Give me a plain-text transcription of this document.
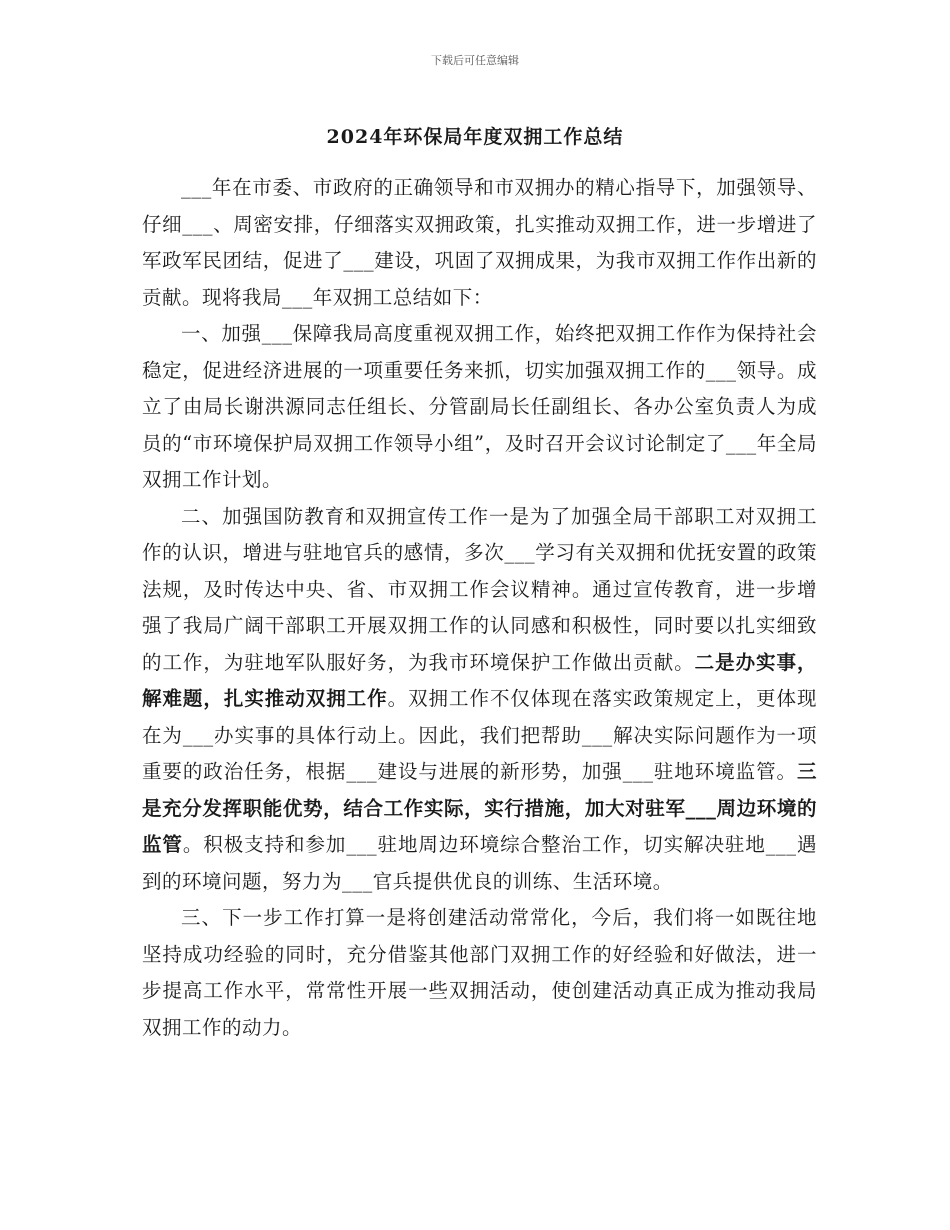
下载后可任意编辑
2024年环保局年度双拥工作总结

___年在市委、市政府的正确领导和市双拥办的精心指导下，加强领导、仔细___、周密安排，仔细落实双拥政策，扎实推动双拥工作，进一步增进了军政军民团结，促进了___建设，巩固了双拥成果，为我市双拥工作作出新的贡献。现将我局___年双拥工总结如下：

一、加强___保障我局高度重视双拥工作，始终把双拥工作作为保持社会稳定，促进经济进展的一项重要任务来抓，切实加强双拥工作的___领导。成立了由局长谢洪源同志任组长、分管副局长任副组长、各办公室负责人为成员的“市环境保护局双拥工作领导小组”，及时召开会议讨论制定了___年全局双拥工作计划。

二、加强国防教育和双拥宣传工作一是为了加强全局干部职工对双拥工作的认识，增进与驻地官兵的感情，多次___学习有关双拥和优抚安置的政策法规，及时传达中央、省、市双拥工作会议精神。通过宣传教育，进一步增强了我局广阔干部职工开展双拥工作的认同感和积极性，同时要以扎实细致的工作，为驻地军队服好务，为我市环境保护工作做出贡献。二是办实事，解难题，扎实推动双拥工作。双拥工作不仅体现在落实政策规定上，更体现在为___办实事的具体行动上。因此，我们把帮助___解决实际问题作为一项重要的政治任务，根据___建设与进展的新形势，加强___驻地环境监管。三是充分发挥职能优势，结合工作实际，实行措施，加大对驻军___周边环境的监管。积极支持和参加___驻地周边环境综合整治工作，切实解决驻地___遇到的环境问题，努力为___官兵提供优良的训练、生活环境。

三、下一步工作打算一是将创建活动常常化，今后，我们将一如既往地坚持成功经验的同时，充分借鉴其他部门双拥工作的好经验和好做法，进一步提高工作水平，常常性开展一些双拥活动，使创建活动真正成为推动我局双拥工作的动力。
